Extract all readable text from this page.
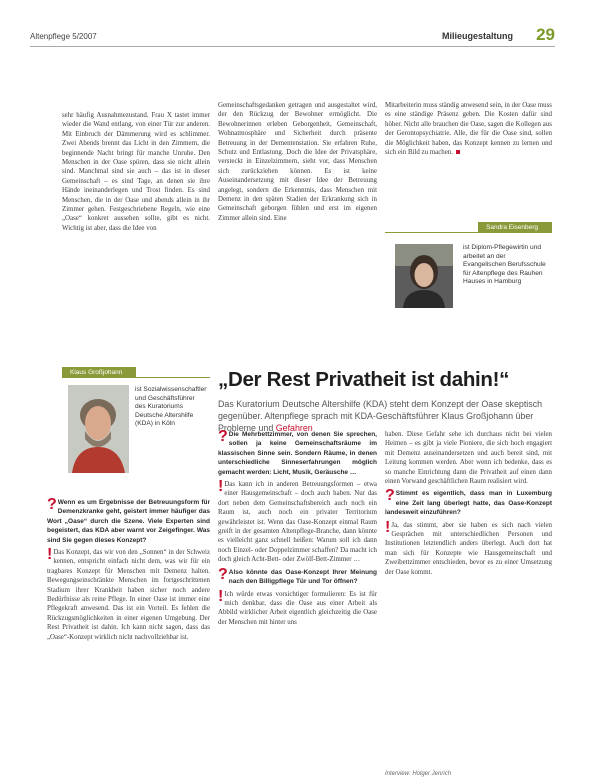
Altenpflege 5/2007	Milieugestaltung 29

sehr häufig Ausnahmezustand. Frau X tastet immer wieder die Wand entlang, von einer Tür zur anderen. Mit Einbruch der Dämmerung wird es schlimmer. Zwei Abends brennt das Licht in den Zimmern, die beginnende Nacht bringt für manche Unruhe. Den Menschen in der Oase spüren, dass sie nicht allein sind. Manchmal sind sie auch – das ist in dieser Gemeinschaft – es sind Tage, an denen sie ihre Hände ineinanderlegen und Trost finden. Es sind Menschen, die in der Oase und abends allein in ihr Zimmer gehen. Festgeschriebene Regeln, wie eine „Oase“ konkret aussehen sollte, gibt es nicht. Wichtig ist aber, dass die Idee von

Gemeinschaftsgedanken getragen und ausgestaltet wird, der den Rückzug der Bewohner ermöglicht. Die Bewohnerinnen erleben Geborgenheit, Gemeinschaft, Wohnatmosphäre und Sicherheit durch präsente Betreuung in der Dementenstation. Sie erfahren Ruhe, Schutz und Entlastung. Doch die Idee der Privatsphäre, versteckt in Einzelzimmern, sieht vor, dass Menschen sich zurückziehen können. Es ist keine Auseinandersetzung mit dieser Idee der Betreuung angelegt, sondern die Erkenntnis, dass Menschen mit Demenz in den späten Stadien der Erkrankung sich in Gemeinschaft geborgen fühlen und erst im eigenen Zimmer allein sind. Eine

Mitarbeiterin muss ständig anwesend sein, in der Oase muss es eine ständige Präsenz geben. Die Kosten dafür sind höher. Nicht alle brauchen die Oase, sagen die Kollegen aus der Gerontopsychiatrie. Alle, die für die Oase sind, sollen die Möglichkeit haben, das Konzept kennen zu lernen und sich ein Bild zu machen.

Sandra Eisenberg
ist Diplom-Pflegewirtin und arbeitet an der Evangelischen Berufsschule für Altenpflege des Rauhen Hauses in Hamburg
Klaus Großjohann
ist Sozialwissenschaftler und Geschäftsführer des Kuratoriums Deutsche Altershilfe (KDA) in Köln
„Der Rest Privatheit ist dahin!“
Das Kuratorium Deutsche Altershilfe (KDA) steht dem Konzept der Oase skeptisch gegenüber. Altenpflege sprach mit KDA-Geschäftsführer Klaus Großjohann über Probleme und Gefahren
? Wenn es um Ergebnisse der Betreuungsform für Demenzkranke geht, geistert immer häufiger das Wort „Oase“ durch die Szene. Viele Experten sind begeistert, das KDA aber warnt vor Zeigefinger. Was sind Sie gegen dieses Konzept?
! Das Konzept, das wir von den „Sonnen“ in der Schweiz kennen, entspricht einfach nicht dem, was wir für ein tragbares Konzept für Menschen mit Demenz halten. Bewegungseinschränkte Menschen im fortgeschrittenen Stadium ihrer Krankheit haben sicher noch andere Bedürfnisse als reine Pflege. In einer Oase ist immer eine Pflegekraft anwesend. Das ist ein Vorteil. Es fehlen die Rückzugsmöglichkeiten in einer eigenen Umgebung. Der Rest Privatheit ist dahin. Ich kann nicht sagen, dass das „Oase“-Konzept wirklich nicht nachvollziehbar ist.
? Die Mehrbettzimmer, von denen Sie sprechen, sollen ja keine Gemeinschaftsräume im klassischen Sinne sein. Sondern Räume, in denen unterschiedliche Sinneserfahrungen möglich gemacht werden: Licht, Musik, Geräusche …
! Das kann ich in anderen Betreuungsformen – etwa einer Hausgemeinschaft – doch auch haben. Nur das dort neben dem Gemeinschaftsbereich auch noch ein Raum ist, auch noch ein privater Territorium gewährleistet ist. Wenn das Oase-Konzept einmal Raum greift in der gesamten Altenpflege-Branche, dann könnte es vielleicht ganz schnell heißen: Warum soll ich dann noch Einzel- oder Doppelzimmer schaffen? Da macht ich doch gleich Acht-Bett- oder Zwölf-Bett-Zimmer …
? Also könnte das Oase-Konzept Ihrer Meinung nach den Billigpflege Tür und Tor öffnen?
! Ich würde etwas vorsichtiger formulieren: Es ist für mich denkbar, dass die Oase aus einer Arbeit als Abbild wirklicher Arbeit eigentlich gleichzeitig die Oase der Menschen mit hinter uns
haben. Diese Gefahr sehe ich durchaus nicht bei vielen Heimen – es gibt ja viele Pioniere, die sich hoch engagiert mit Demenz auseinandersetzen und auch bereit sind, mit Leitung kommen werden. Aber wenn ich bedenke, dass es so manche Einrichtung dann die Privatheit auf einen dann einen Vorwand geschäftlichen Raum realisiert wird.
? Stimmt es eigentlich, dass man in Luxemburg eine Zeit lang überlegt hatte, das Oase-Konzept landesweit einzuführen?
! Ja, das stimmt, aber sie haben es sich nach vielen Gesprächen mit unterschiedlichen Personen und Institutionen letztendlich anders überlegt. Auch dort hat man sich für Konzepte wie Hausgemeinschaft und Zweibettzimmer entschieden, bevor es zu einer Umsetzung der Oase kommt.
Interview: Holger Jenrich
